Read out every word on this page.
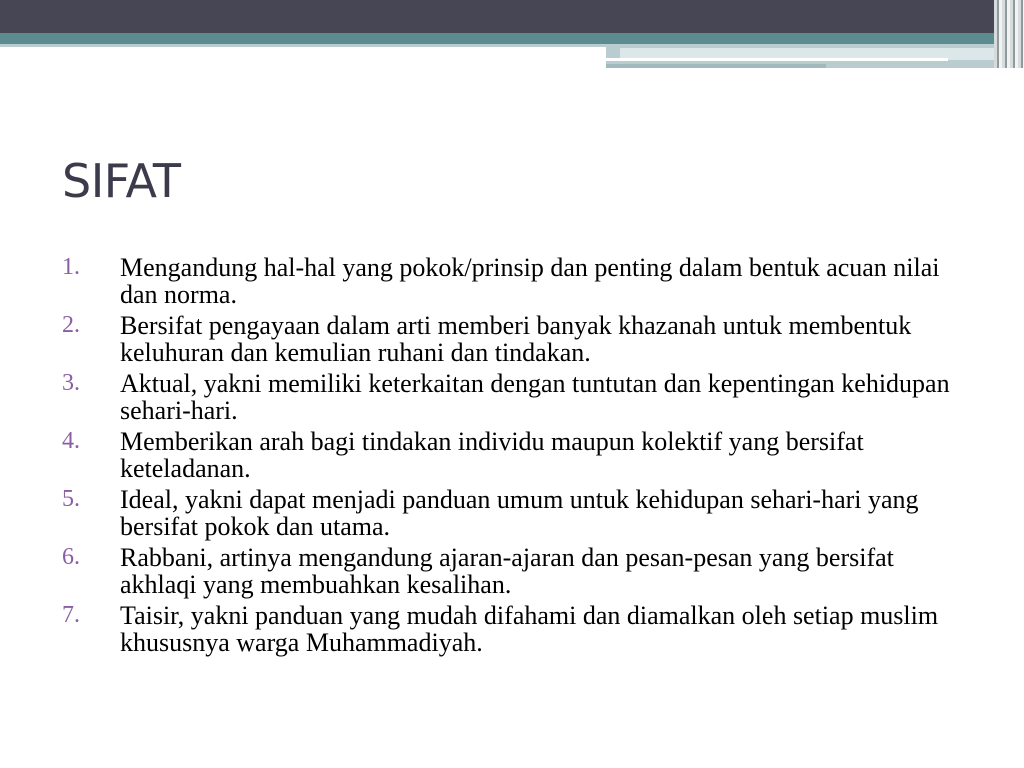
SIFAT
1.	Mengandung hal-hal yang pokok/prinsip dan penting dalam bentuk acuan nilai dan norma.
2.	Bersifat pengayaan dalam arti memberi banyak khazanah untuk membentuk keluhuran dan kemulian ruhani dan tindakan.
3.	Aktual, yakni memiliki keterkaitan dengan tuntutan dan kepentingan kehidupan sehari-hari.
4.	Memberikan arah bagi tindakan individu maupun kolektif yang bersifat keteladanan.
5.	Ideal, yakni dapat menjadi panduan umum untuk kehidupan sehari-hari yang bersifat pokok dan utama.
6.	Rabbani, artinya mengandung ajaran-ajaran dan pesan-pesan yang bersifat akhlaqi yang membuahkan kesalihan.
7.	Taisir, yakni panduan yang mudah difahami dan diamalkan oleh setiap muslim khususnya warga Muhammadiyah.
